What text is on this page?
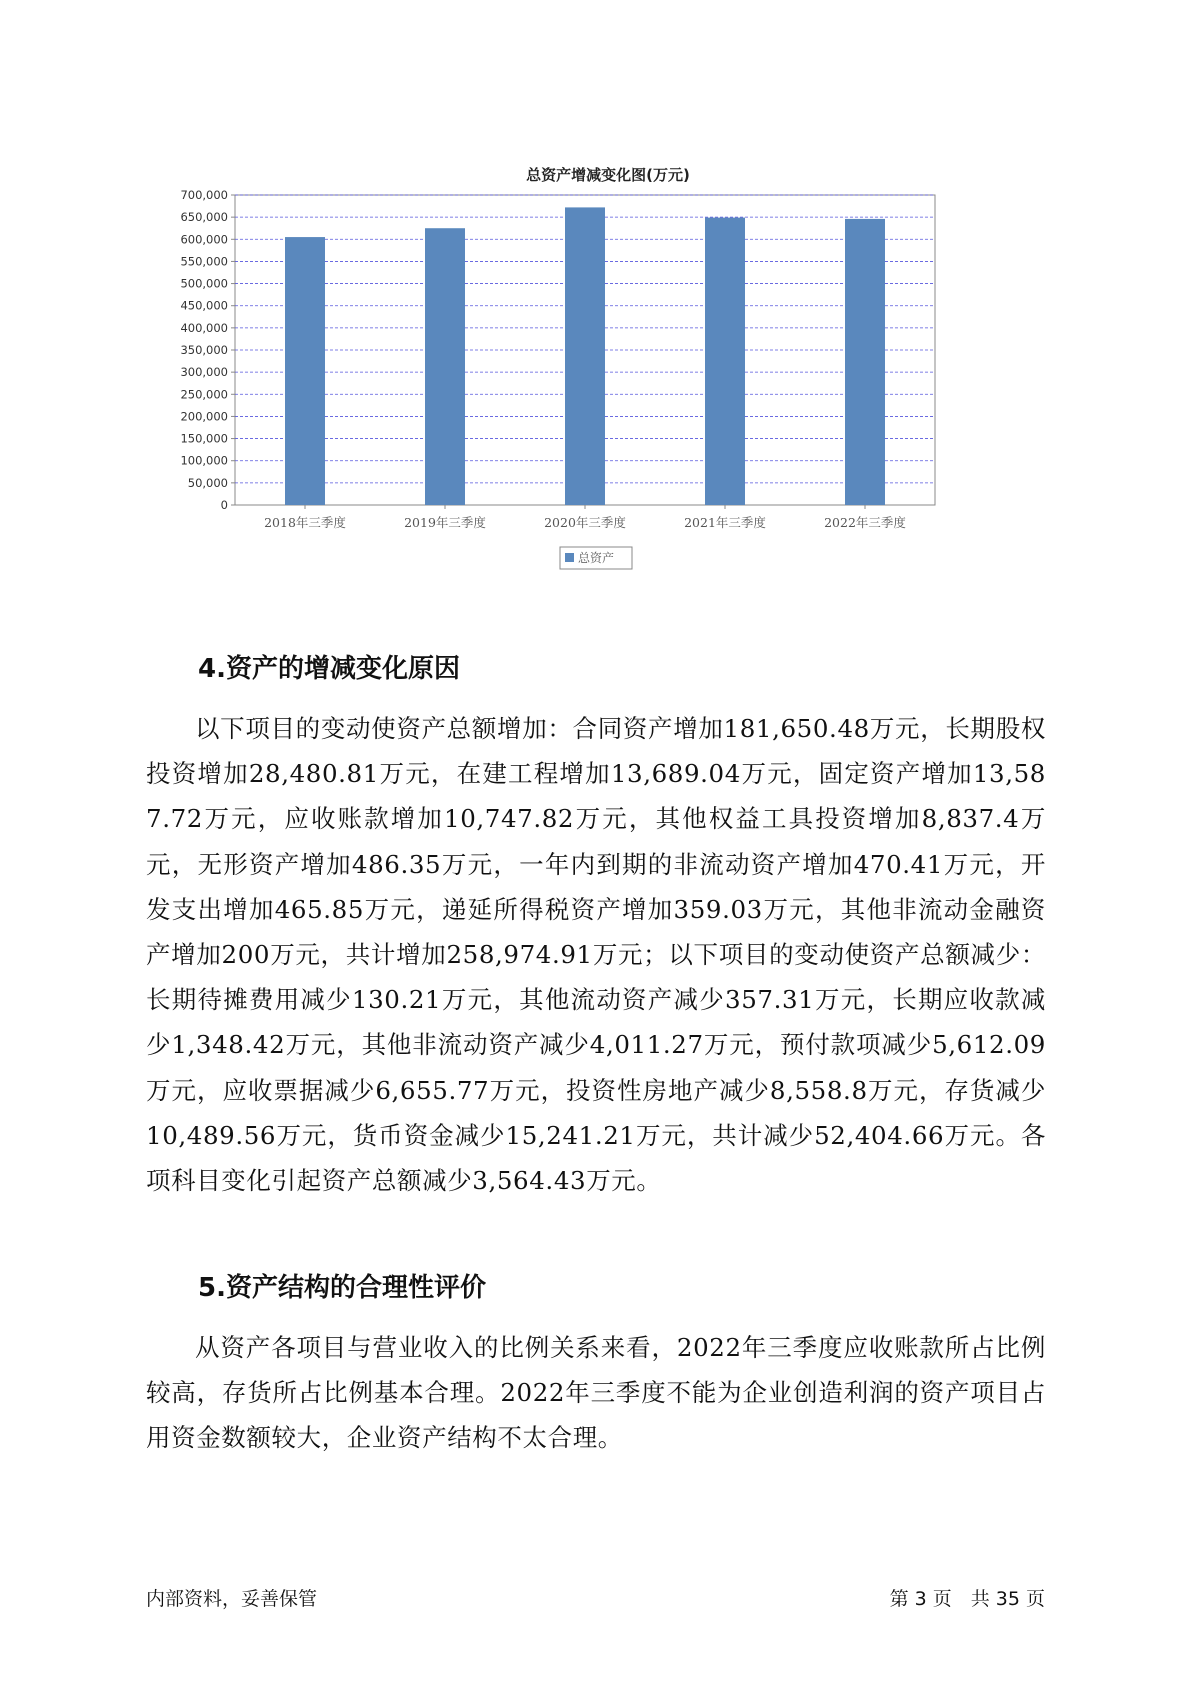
总资产增减变化图(万元)
0
50,000
100,000
150,000
200,000
250,000
300,000
350,000
400,000
450,000
500,000
550,000
600,000
650,000
700,000
2018年三季度	2019年三季度	2020年三季度	2021年三季度	2022年三季度
总资产
4.资产的增减变化原因

以下项目的变动使资产总额增加：合同资产增加181,650.48万元，长期股权投资增加28,480.81万元，在建工程增加13,689.04万元，固定资产增加13,587.72万元，应收账款增加10,747.82万元，其他权益工具投资增加8,837.4万元，无形资产增加486.35万元，一年内到期的非流动资产增加470.41万元，开发支出增加465.85万元，递延所得税资产增加359.03万元，其他非流动金融资产增加200万元，共计增加258,974.91万元；以下项目的变动使资产总额减少：长期待摊费用减少130.21万元，其他流动资产减少357.31万元，长期应收款减少1,348.42万元，其他非流动资产减少4,011.27万元，预付款项减少5,612.09万元，应收票据减少6,655.77万元，投资性房地产减少8,558.8万元，存货减少10,489.56万元，货币资金减少15,241.21万元，共计减少52,404.66万元。各项科目变化引起资产总额减少3,564.43万元。

5.资产结构的合理性评价

从资产各项目与营业收入的比例关系来看，2022年三季度应收账款所占比例较高，存货所占比例基本合理。2022年三季度不能为企业创造利润的资产项目占用资金数额较大，企业资产结构不太合理。

内部资料，妥善保管	第 3 页　共 35 页
